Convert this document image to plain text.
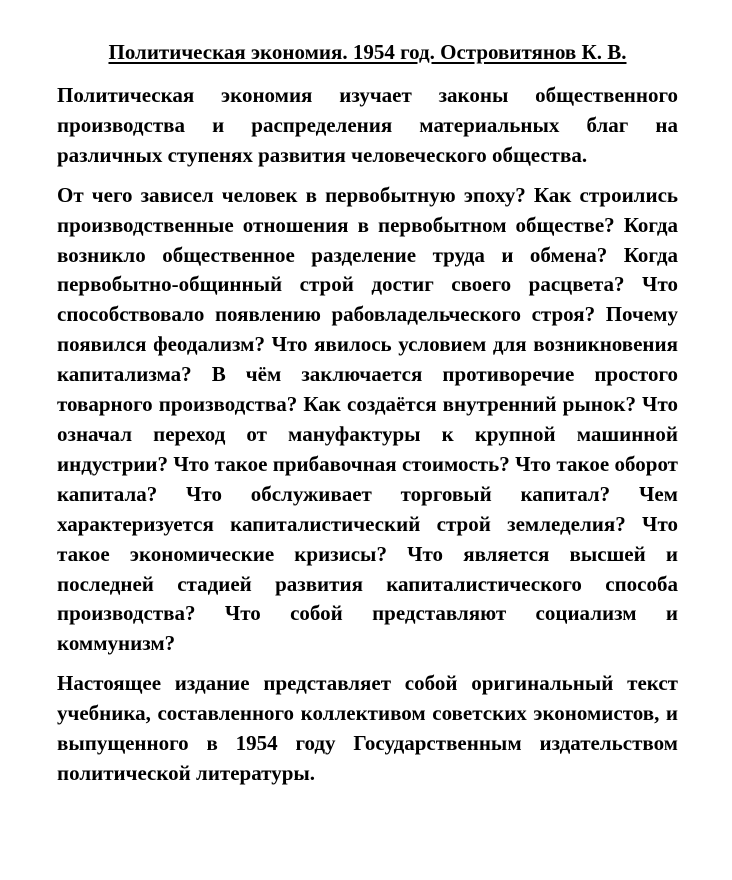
Политическая экономия. 1954 год. Островитянов К. В.

Политическая экономия изучает законы общественного производства и распределения материальных благ на различных ступенях развития человеческого общества.

От чего зависел человек в первобытную эпоху? Как строились производственные отношения в первобытном обществе? Когда возникло общественное разделение труда и обмена? Когда первобытно-общинный строй достиг своего расцвета? Что способствовало появлению рабовладельческого строя? Почему появился феодализм? Что явилось условием для возникновения капитализма? В чём заключается противоречие простого товарного производства? Как создаётся внутренний рынок? Что означал переход от мануфактуры к крупной машинной индустрии? Что такое прибавочная стоимость? Что такое оборот капитала? Что обслуживает торговый капитал? Чем характеризуется капиталистический строй земледелия? Что такое экономические кризисы? Что является высшей и последней стадией развития капиталистического способа производства? Что собой представляют социализм и коммунизм?

Настоящее издание представляет собой оригинальный текст учебника, составленного коллективом советских экономистов, и выпущенного в 1954 году Государственным издательством политической литературы.
